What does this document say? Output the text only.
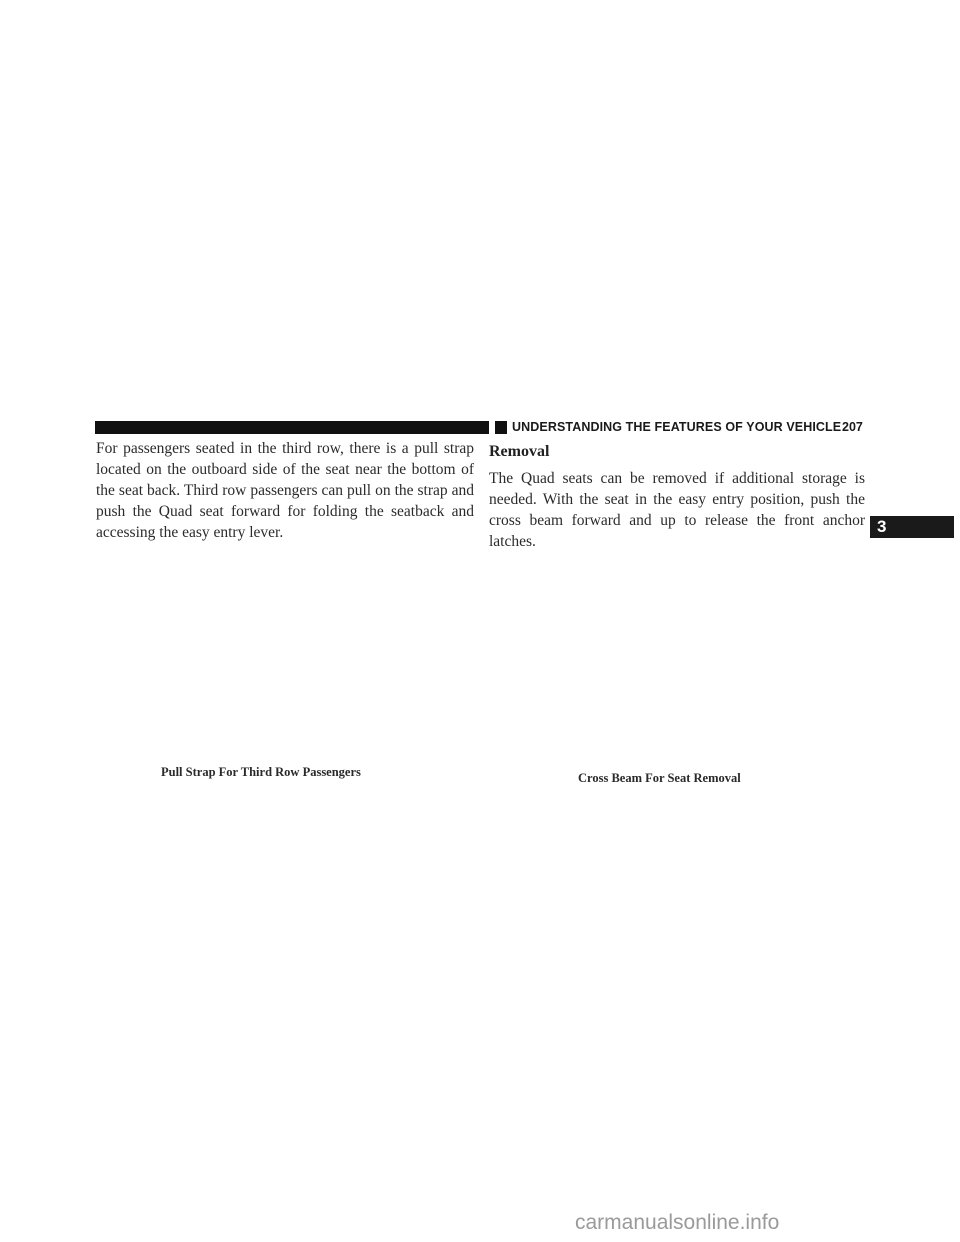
UNDERSTANDING THE FEATURES OF YOUR VEHICLE 207
3

For passengers seated in the third row, there is a pull strap located on the outboard side of the seat near the bottom of the seat back. Third row passengers can pull on the strap and push the Quad seat forward for folding the seatback and accessing the easy entry lever.

Removal

The Quad seats can be removed if additional storage is needed. With the seat in the easy entry position, push the cross beam forward and up to release the front anchor latches.

Pull Strap For Third Row Passengers	Cross Beam For Seat Removal
carmanualsonline.info
